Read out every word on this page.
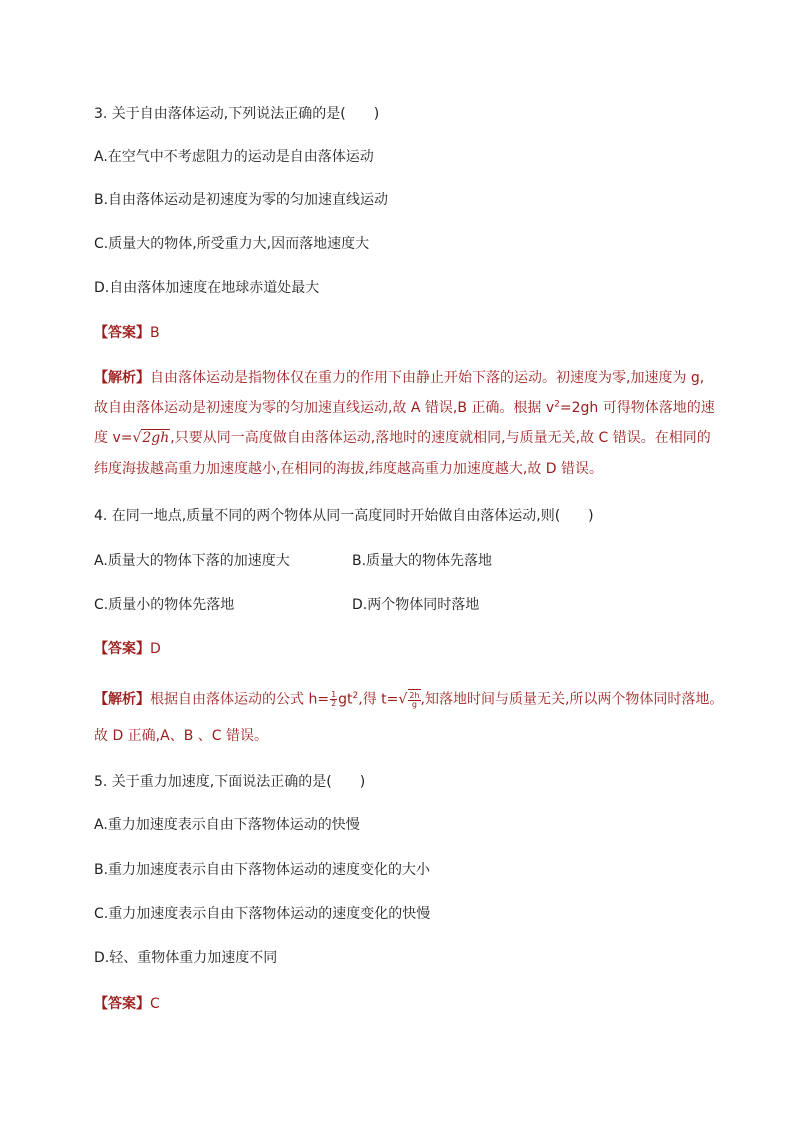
3. 关于自由落体运动,下列说法正确的是(　　)
A.在空气中不考虑阻力的运动是自由落体运动
B.自由落体运动是初速度为零的匀加速直线运动
C.质量大的物体,所受重力大,因而落地速度大
D.自由落体加速度在地球赤道处最大
【答案】B
【解析】自由落体运动是指物体仅在重力的作用下由静止开始下落的运动。初速度为零,加速度为 g,
故自由落体运动是初速度为零的匀加速直线运动,故 A 错误,B 正确。根据 $v^2=2gh$ 可得物体落地的速
度 v=√2gh,只要从同一高度做自由落体运动,落地时的速度就相同,与质量无关,故 C 错误。在相同的
纬度海拔越高重力加速度越小,在相同的海拔,纬度越高重力加速度越大,故 D 错误。
4. 在同一地点,质量不同的两个物体从同一高度同时开始做自由落体运动,则(　　)
A.质量大的物体下落的加速度大	B.质量大的物体先落地
C.质量小的物体先落地	D.两个物体同时落地
【答案】D
【解析】根据自由落体运动的公式 $h= \frac{1}{2} gt^2$,得 $t=√ \frac{2h}{g}$ ,知落地时间与质量无关,所以两个物体同时落地。
故 D 正确,A、B 、C 错误。
5. 关于重力加速度,下面说法正确的是(　　)
A.重力加速度表示自由下落物体运动的快慢
B.重力加速度表示自由下落物体运动的速度变化的大小
C.重力加速度表示自由下落物体运动的速度变化的快慢
D.轻、重物体重力加速度不同
【答案】C
